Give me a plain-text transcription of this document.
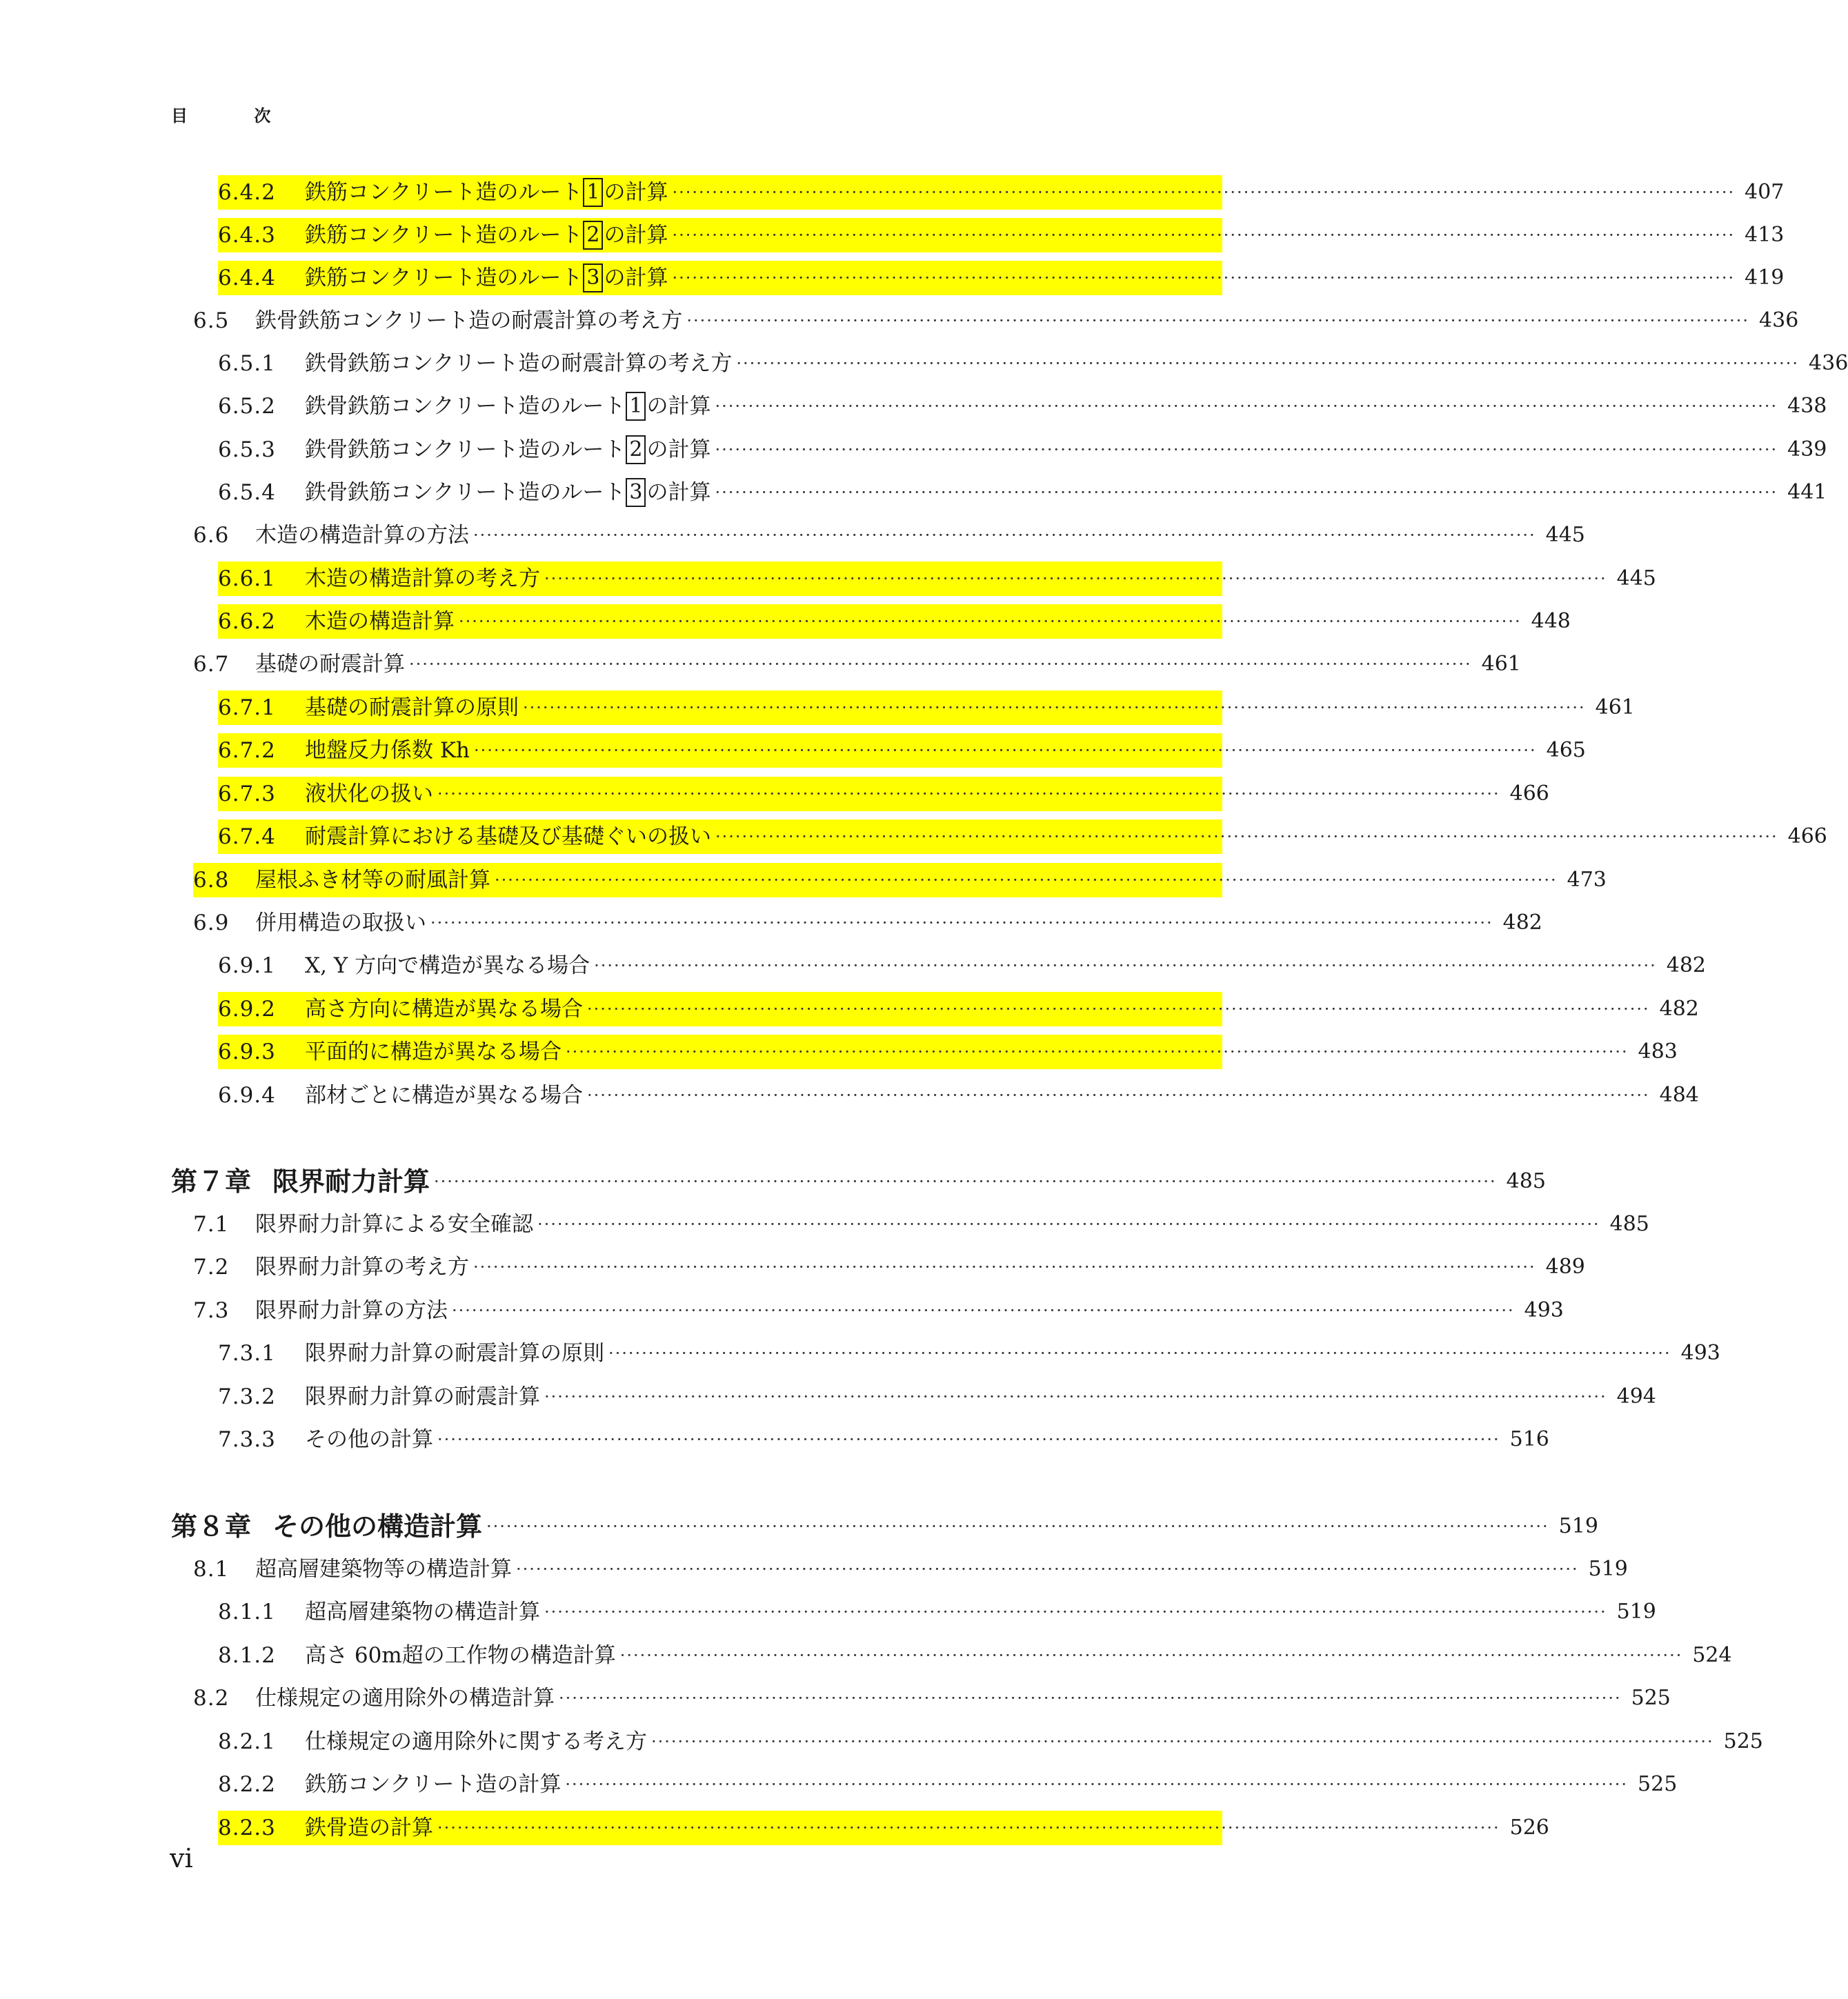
目 次
6.4.2	鉄筋コンクリート造のルート 1 の計算 ································································································································································ 407
6.4.3	鉄筋コンクリート造のルート 2 の計算 ································································································································································ 413
6.4.4	鉄筋コンクリート造のルート 3 の計算 ································································································································································ 419
6.5	鉄骨鉄筋コンクリート造の耐震計算の考え方 ································································································································································ 436
6.5.1	鉄骨鉄筋コンクリート造の耐震計算の考え方 ································································································································································ 436
6.5.2	鉄骨鉄筋コンクリート造のルート 1 の計算 ································································································································································ 438
6.5.3	鉄骨鉄筋コンクリート造のルート 2 の計算 ································································································································································ 439
6.5.4	鉄骨鉄筋コンクリート造のルート 3 の計算 ································································································································································ 441
6.6	木造の構造計算の方法 ································································································································································ 445
6.6.1	木造の構造計算の考え方 ································································································································································ 445
6.6.2	木造の構造計算 ································································································································································ 448
6.7	基礎の耐震計算 ································································································································································ 461
6.7.1	基礎の耐震計算の原則 ································································································································································ 461
6.7.2	地盤反力係数 Kh ································································································································································ 465
6.7.3	液状化の扱い ································································································································································ 466
6.7.4	耐震計算における基礎及び基礎ぐいの扱い ································································································································································ 466
6.8	屋根ふき材等の耐風計算 ································································································································································ 473
6.9	併用構造の取扱い ································································································································································ 482
6.9.1	X, Y 方向で構造が異なる場合 ································································································································································ 482
6.9.2	高さ方向に構造が異なる場合 ································································································································································ 482
6.9.3	平面的に構造が異なる場合 ································································································································································ 483
6.9.4	部材ごとに構造が異なる場合 ································································································································································ 484
第７章 限界耐力計算 ································································································································································ 485
7.1	限界耐力計算による安全確認 ································································································································································ 485
7.2	限界耐力計算の考え方 ································································································································································ 489
7.3	限界耐力計算の方法 ································································································································································ 493
7.3.1	限界耐力計算の耐震計算の原則 ································································································································································ 493
7.3.2	限界耐力計算の耐震計算 ································································································································································ 494
7.3.3	その他の計算 ································································································································································ 516
第８章 その他の構造計算 ································································································································································ 519
8.1	超高層建築物等の構造計算 ································································································································································ 519
8.1.1	超高層建築物の構造計算 ································································································································································ 519
8.1.2	高さ 60m超の工作物の構造計算 ································································································································································ 524
8.2	仕様規定の適用除外の構造計算 ································································································································································ 525
8.2.1	仕様規定の適用除外に関する考え方 ································································································································································ 525
8.2.2	鉄筋コンクリート造の計算 ································································································································································ 525
8.2.3	鉄骨造の計算 ································································································································································ 526
vi
